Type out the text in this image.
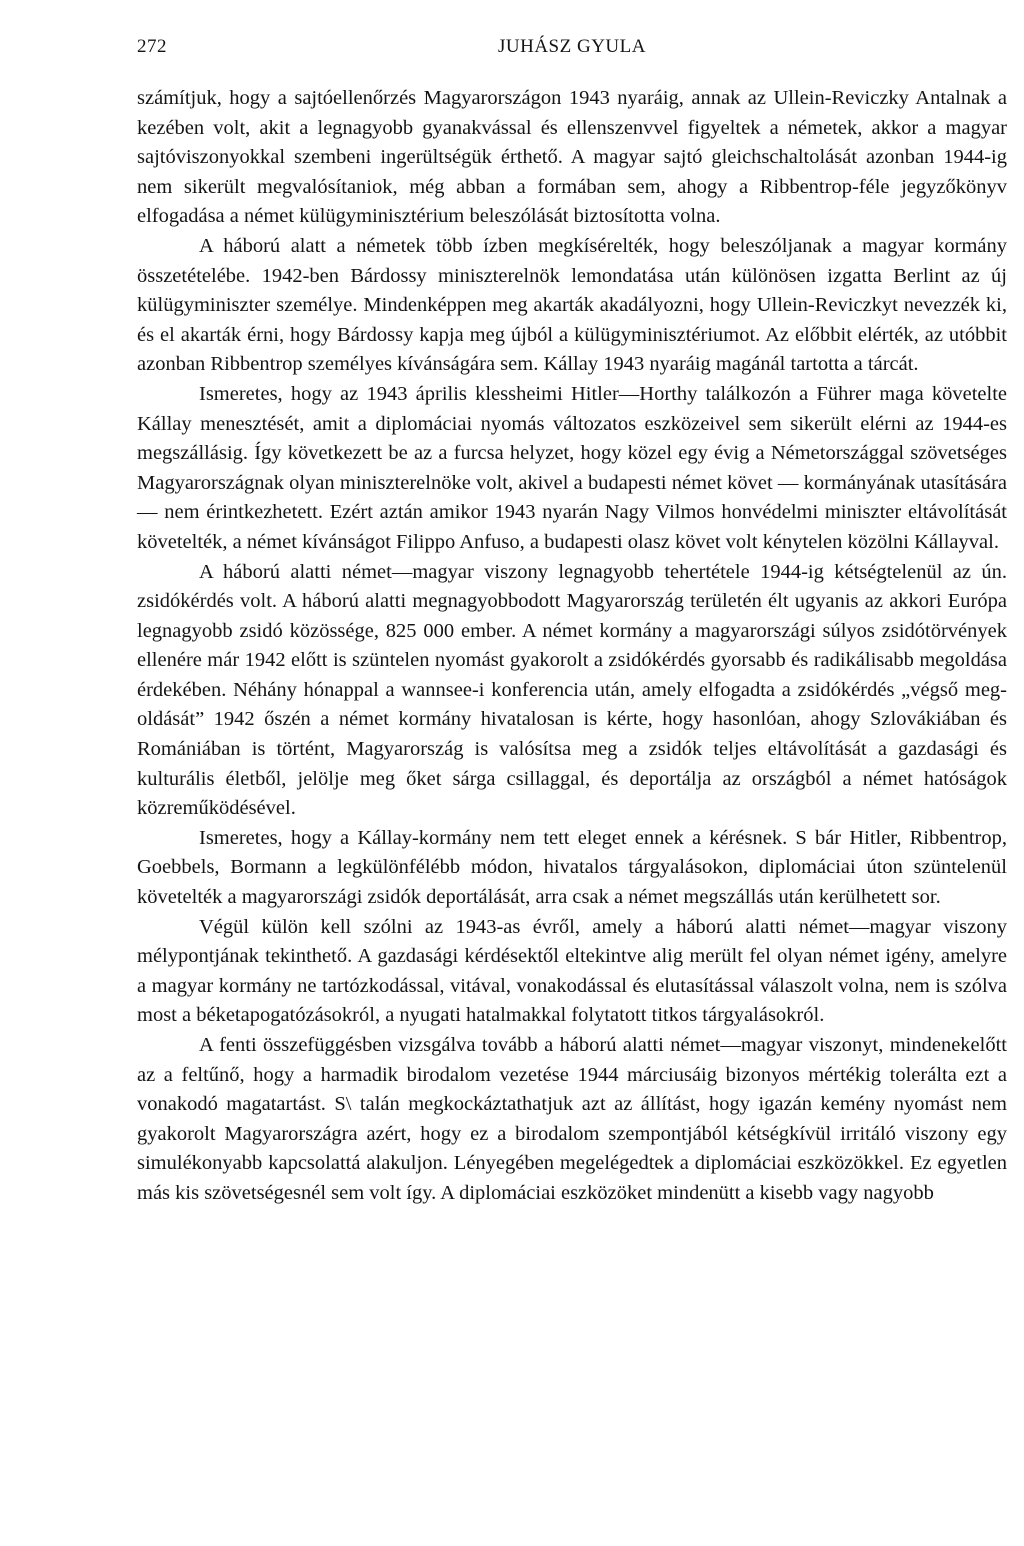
272	JUHÁSZ GYULA

számítjuk, hogy a sajtóellenőrzés Magyarországon 1943 nyaráig, annak az Ullein-Reviczky Antalnak a kezében volt, akit a legnagyobb gyanakvással és ellenszenvvel figyeltek a németek, akkor a magyar sajtóviszonyokkal szembeni ingerültségük érthető. A magyar sajtó gleichschaltolását azonban 1944-ig nem sikerült megvalósítaniok, még abban a formában sem, ahogy a Ribbentrop-féle jegyzőkönyv elfogadása a német külügyminisztérium beleszólását biztosította volna.

A háború alatt a németek több ízben megkísérelték, hogy beleszóljanak a magyar kormány összetételébe. 1942-ben Bárdossy miniszterelnök lemondatása után különösen izgatta Berlint az új külügyminiszter személye. Mindenképpen meg akarták akadályozni, hogy Ullein-Reviczkyt nevezzék ki, és el akarták érni, hogy Bárdossy kapja meg újból a külügyminisztériumot. Az előbbit elérték, az utóbbit azonban Ribbentrop személyes kívánságára sem. Kállay 1943 nyaráig magánál tartotta a tárcát.

Ismeretes, hogy az 1943 április klessheimi Hitler—Horthy találkozón a Führer maga követelte Kállay menesztését, amit a diplomáciai nyomás változatos eszközeivel sem sikerült elérni az 1944-es megszállásig. Így következett be az a furcsa helyzet, hogy közel egy évig a Németországgal szövetséges Magyarországnak olyan miniszterelnöke volt, akivel a budapesti német követ — kormányának utasítására — nem érintkezhetett. Ezért aztán amikor 1943 nyarán Nagy Vilmos honvédelmi miniszter eltávolítását követelték, a német kívánságot Filippo Anfuso, a budapesti olasz követ volt kénytelen közölni Kállayval.

A háború alatti német—magyar viszony legnagyobb tehertétele 1944-ig kétségtelenül az ún. zsidókérdés volt. A háború alatti megnagyobbodott Magyarország területén élt ugyanis az akkori Európa legnagyobb zsidó közössége, 825 000 ember. A német kormány a magyarországi súlyos zsidótörvények ellenére már 1942 előtt is szüntelen nyomást gyakorolt a zsidókérdés gyorsabb és radikálisabb megoldása érdekében. Néhány hónappal a wannsee-i konferencia után, amely elfogadta a zsidókérdés „végső megoldását” 1942 őszén a német kormány hivatalosan is kérte, hogy hasonlóan, ahogy Szlovákiában és Romániában is történt, Magyarország is valósítsa meg a zsidók teljes eltávolítását a gazdasági és kulturális életből, jelölje meg őket sárga csillaggal, és deportálja az országból a német hatóságok közreműködésével.

Ismeretes, hogy a Kállay-kormány nem tett eleget ennek a kérésnek. S bár Hitler, Ribbentrop, Goebbels, Bormann a legkülönfélébb módon, hivatalos tárgyalásokon, diplomáciai úton szüntelenül követelték a magyarországi zsidók deportálását, arra csak a német megszállás után kerülhetett sor.

Végül külön kell szólni az 1943-as évről, amely a háború alatti német—magyar viszony mélypontjának tekinthető. A gazdasági kérdésektől eltekintve alig merült fel olyan német igény, amelyre a magyar kormány ne tartózkodással, vitával, vonakodással és elutasítással válaszolt volna, nem is szólva most a béketapogatózásokról, a nyugati hatalmakkal folytatott titkos tárgyalásokról.

A fenti összefüggésben vizsgálva tovább a háború alatti német—magyar viszonyt, mindenekelőtt az a feltűnő, hogy a harmadik birodalom vezetése 1944 márciusáig bizonyos mértékig tolerálta ezt a vonakodó magatartást. S\ talán megkockáztathatjuk azt az állítást, hogy igazán kemény nyomást nem gyakorolt Magyarországra azért, hogy ez a birodalom szempontjából kétségkívül irritáló viszony egy simulékonyabb kapcsolattá alakuljon. Lényegében megelégedtek a diplomáciai eszközökkel. Ez egyetlen más kis szövetségesnél sem volt így. A diplomáciai eszközöket mindenütt a kisebb vagy nagyobb
